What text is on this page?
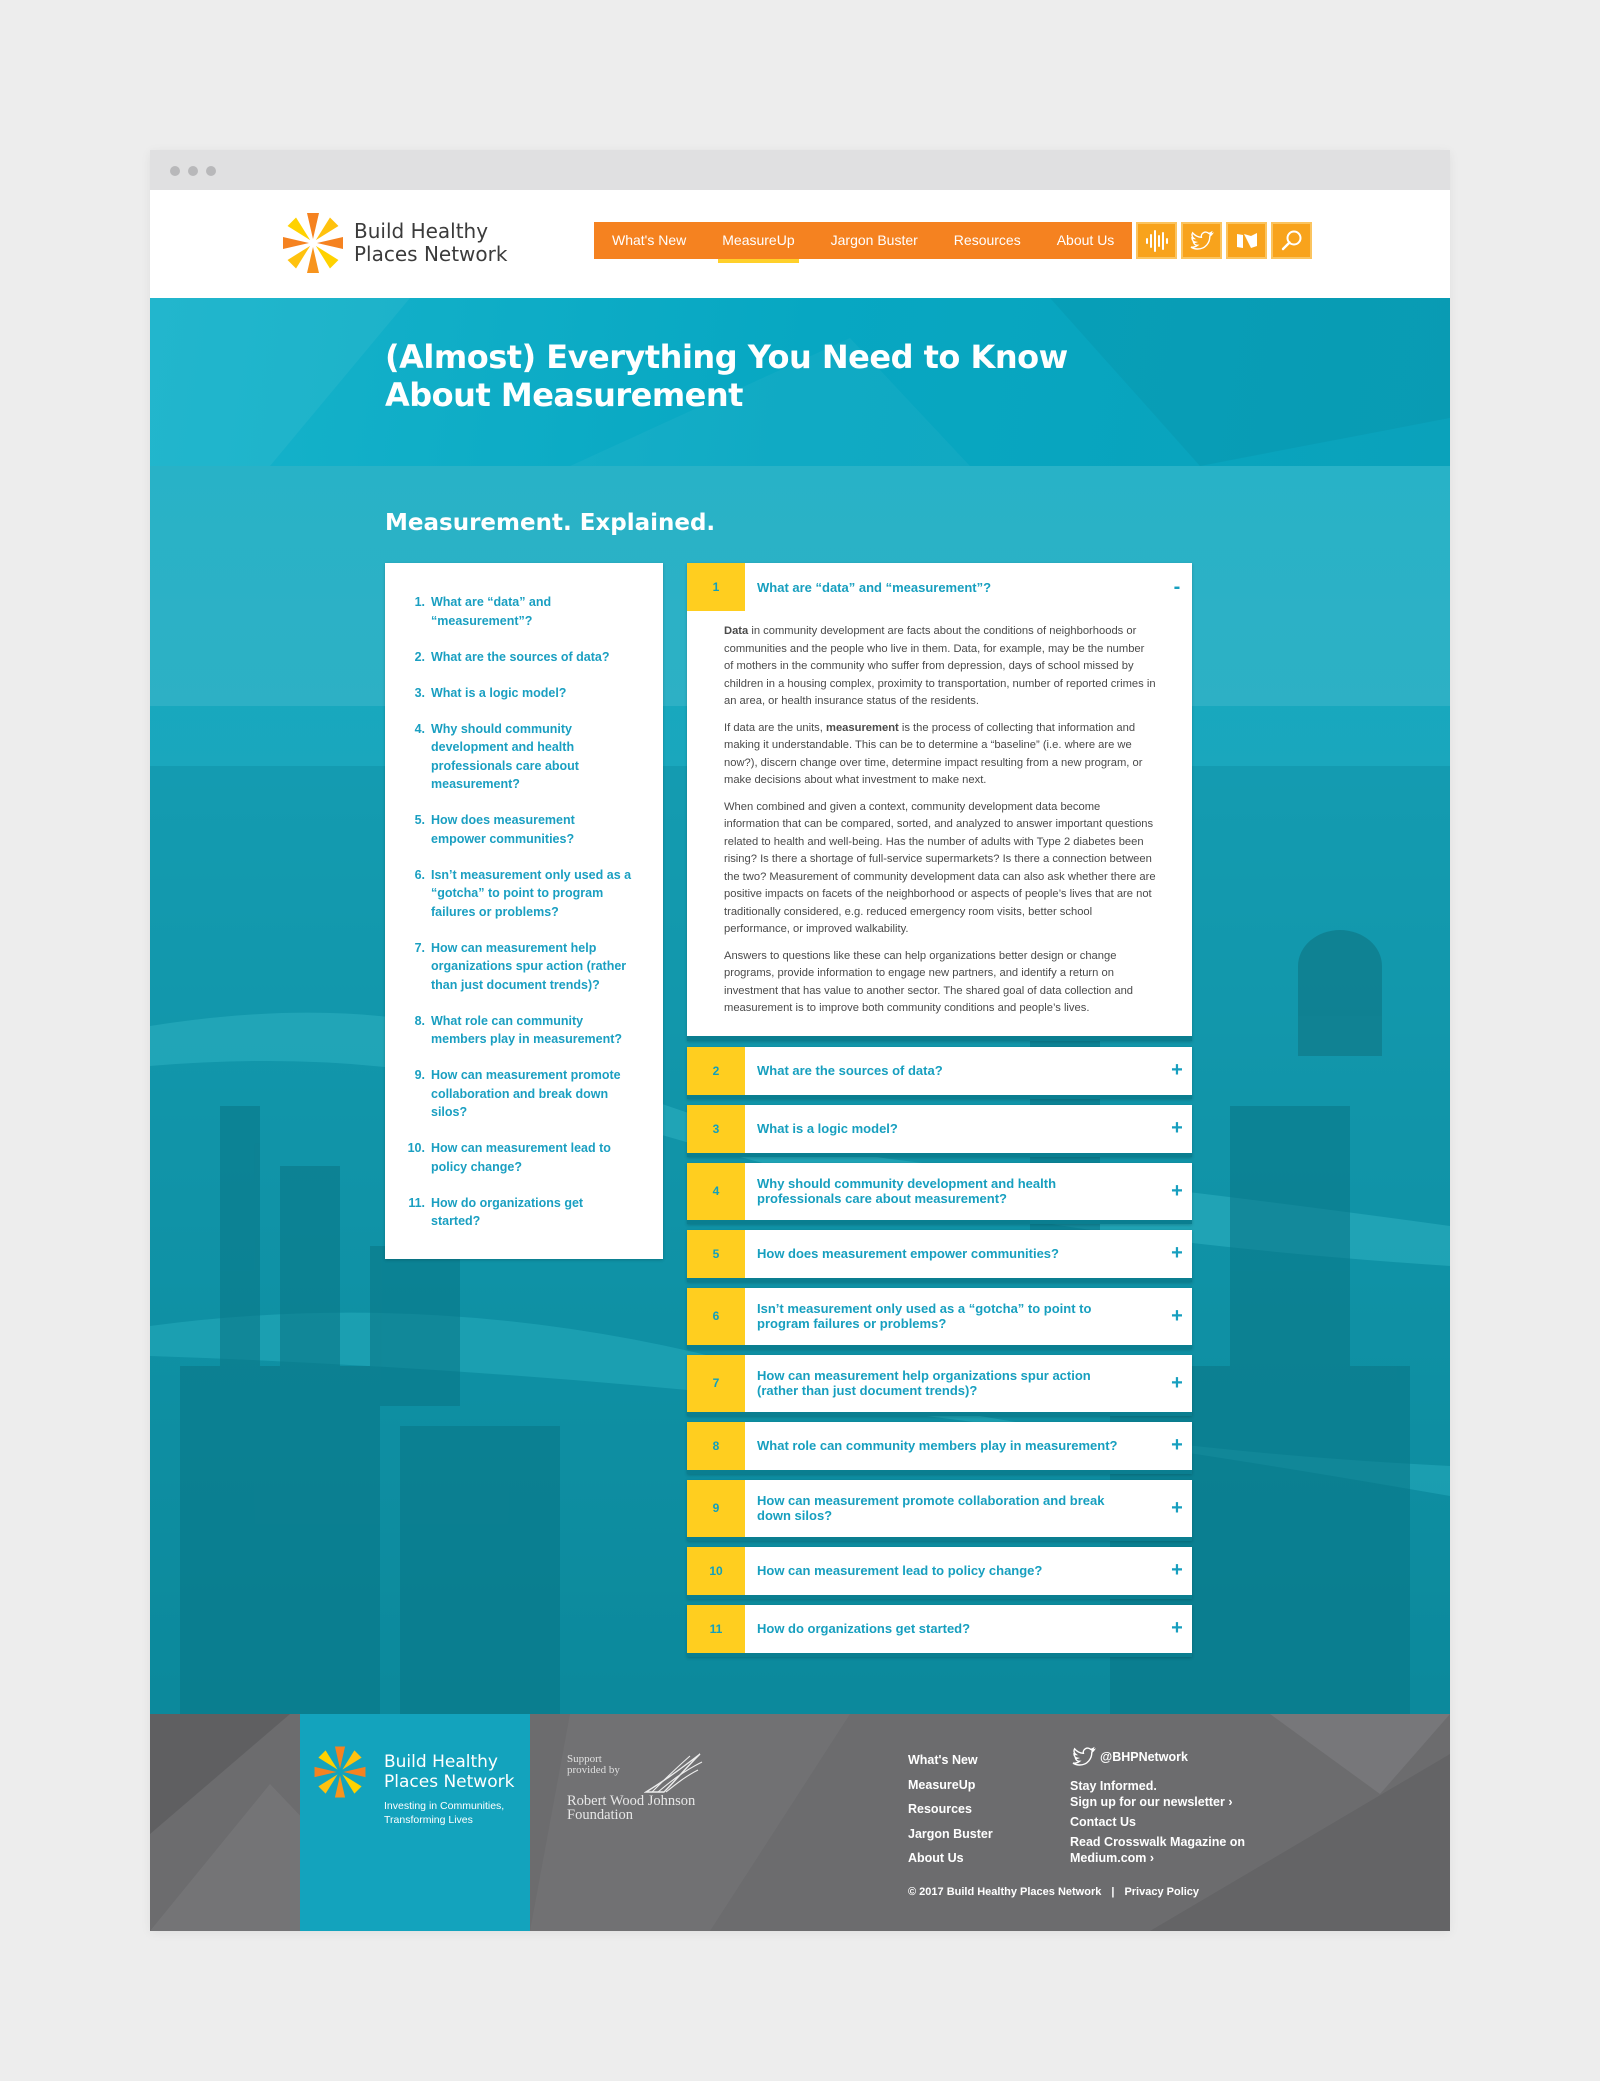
Build Healthy
Places Network
What's New	MeasureUp	Jargon Buster	Resources	About Us
(Almost) Everything You Need to Know About Measurement
Measurement. Explained.
1. What are “data” and “measurement”?
2. What are the sources of data?
3. What is a logic model?
4. Why should community development and health professionals care about measurement?
5. How does measurement empower communities?
6. Isn’t measurement only used as a “gotcha” to point to program failures or problems?
7. How can measurement help organizations spur action (rather than just document trends)?
8. What role can community members play in measurement?
9. How can measurement promote collaboration and break down silos?
10. How can measurement lead to policy change?
11. How do organizations get started?
1	What are “data” and “measurement”?	-

Data in community development are facts about the conditions of neighborhoods or communities and the people who live in them. Data, for example, may be the number of mothers in the community who suffer from depression, days of school missed by children in a housing complex, proximity to transportation, number of reported crimes in an area, or health insurance status of the residents.

If data are the units, measurement is the process of collecting that information and making it understandable. This can be to determine a “baseline” (i.e. where are we now?), discern change over time, determine impact resulting from a new program, or make decisions about what investment to make next.

When combined and given a context, community development data become information that can be compared, sorted, and analyzed to answer important questions related to health and well-being. Has the number of adults with Type 2 diabetes been rising? Is there a shortage of full-service supermarkets? Is there a connection between the two? Measurement of community development data can also ask whether there are positive impacts on facets of the neighborhood or aspects of people’s lives that are not traditionally considered, e.g. reduced emergency room visits, better school performance, or improved walkability.

Answers to questions like these can help organizations better design or change programs, provide information to engage new partners, and identify a return on investment that has value to another sector. The shared goal of data collection and measurement is to improve both community conditions and people’s lives.

2	What are the sources of data?	+
3	What is a logic model?	+
4	Why should community development and health professionals care about measurement?	+
5	How does measurement empower communities?	+
6	Isn’t measurement only used as a “gotcha” to point to program failures or problems?	+
7	How can measurement help organizations spur action (rather than just document trends)?	+
8	What role can community members play in measurement?	+
9	How can measurement promote collaboration and break down silos?	+
10	How can measurement lead to policy change?	+
11	How do organizations get started?	+
Build Healthy
Places Network
Investing in Communities,
Transforming Lives
Support
provided by
Robert Wood Johnson
Foundation
What's New
MeasureUp
Resources
Jargon Buster
About Us
@BHPNetwork
Stay Informed.
Sign up for our newsletter ›
Contact Us
Read Crosswalk Magazine on
Medium.com ›
© 2017 Build Healthy Places Network | Privacy Policy
